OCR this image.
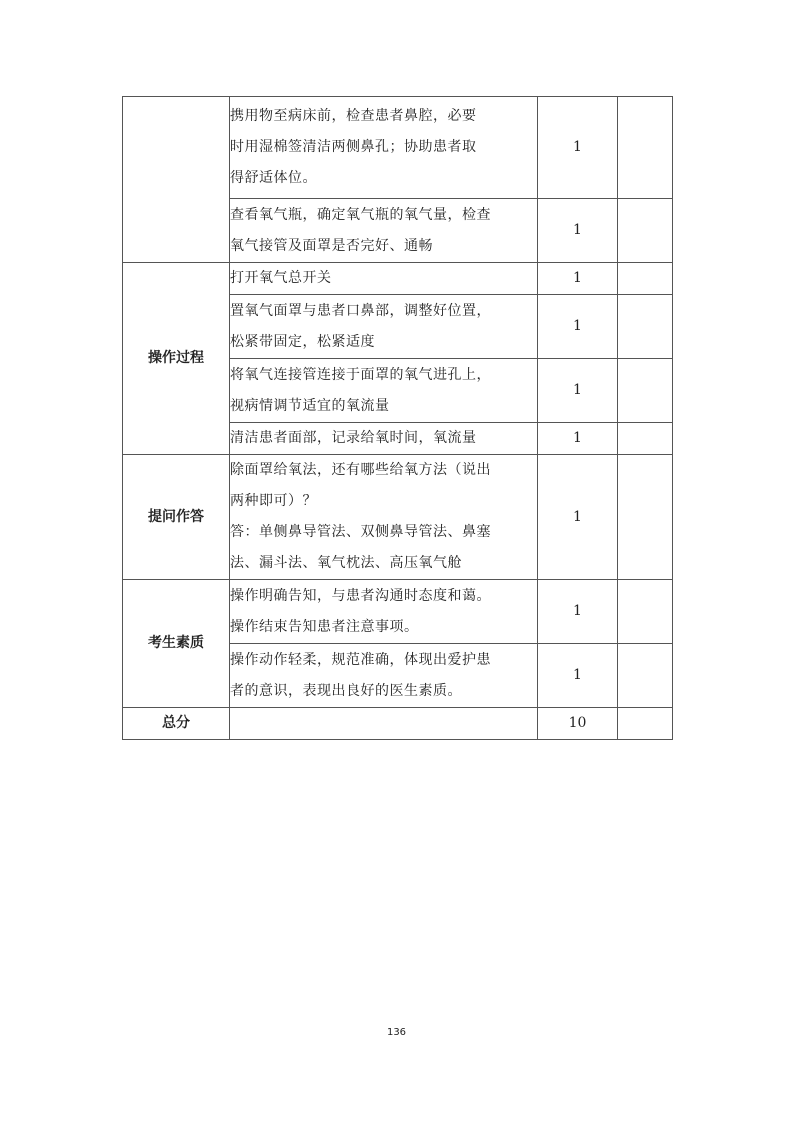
	携用物至病床前，检查患者鼻腔，必要
时用湿棉签清洁两侧鼻孔；协助患者取
得舒适体位。	1	

	查看氧气瓶，确定氧气瓶的氧气量，检查
氧气接管及面罩是否完好、通畅	1	
操作过程	打开氧气总开关	1	

	置氧气面罩与患者口鼻部，调整好位置，
松紧带固定，松紧适度	1	

	将氧气连接管连接于面罩的氧气进孔上，
视病情调节适宜的氧流量	1	

	清洁患者面部，记录给氧时间，氧流量	1	
提问作答	除面罩给氧法，还有哪些给氧方法（说出
两种即可）？
答：单侧鼻导管法、双侧鼻导管法、鼻塞
法、漏斗法、氧气枕法、高压氧气舱	1	
考生素质	操作明确告知，与患者沟通时态度和蔼。
操作结束告知患者注意事项。	1	

	操作动作轻柔，规范准确，体现出爱护患
者的意识，表现出良好的医生素质。	1	
总分		10	
136
